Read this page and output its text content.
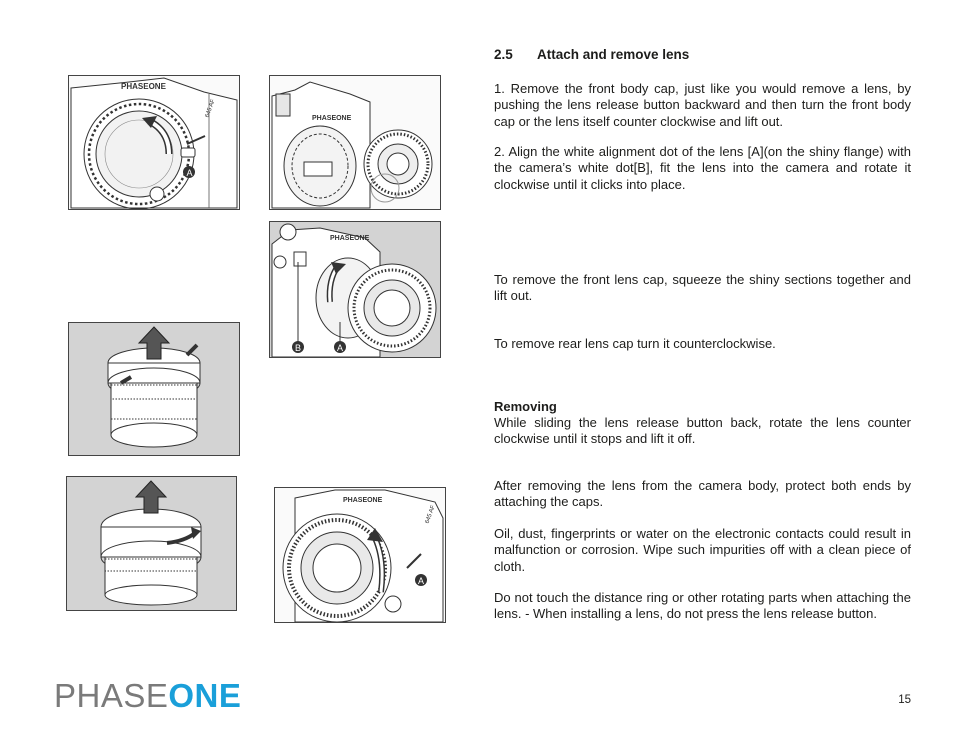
2.5 Attach and remove lens
1. Remove the front body cap, just like you would remove a lens, by pushing the lens release button backward and then turn the front body cap or the lens itself counter clockwise and lift out.
2. Align the white alignment dot of the lens [A](on the shiny flange) with the camera’s white dot[B], fit the lens into the camera and rotate it clockwise until it clicks into place.
To remove the front lens cap, squeeze the shiny sections together and lift out.
To remove rear lens cap turn it counterclockwise.
Removing
While sliding the lens release button back, rotate the lens counter clockwise until it stops and lift it off.
After removing the lens from the camera body, protect both ends by attaching the caps.
Oil, dust, fingerprints or water on the electronic contacts could result in malfunction or corrosion. Wipe such impurities off with a clean piece of cloth.
Do not touch the distance ring or other rotating parts when attaching the lens. - When installing a lens, do not press the lens release button.
A
PHASEONE
645 AF	PHASEONE
PHASEONE
B	A
PHASEONE
645 AF
A
PHASEONE	15
